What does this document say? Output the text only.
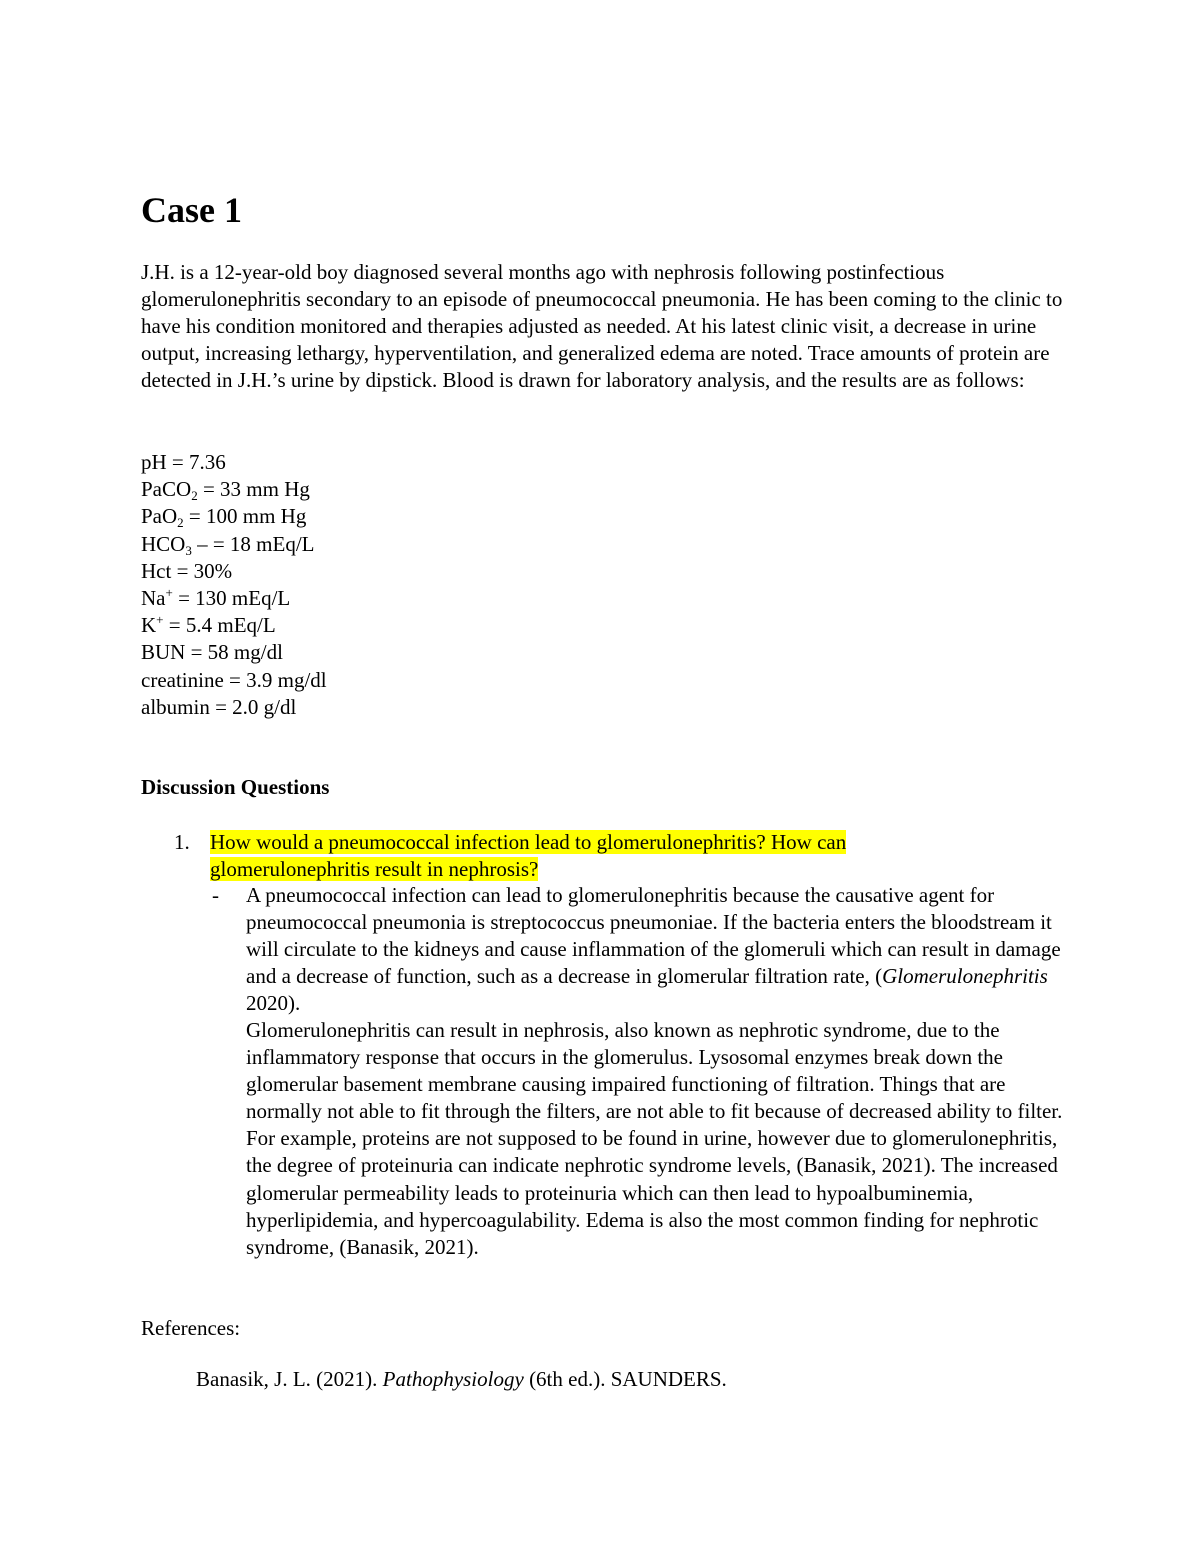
Case 1

J.H. is a 12-year-old boy diagnosed several months ago with nephrosis following postinfectious glomerulonephritis secondary to an episode of pneumococcal pneumonia. He has been coming to the clinic to have his condition monitored and therapies adjusted as needed. At his latest clinic visit, a decrease in urine output, increasing lethargy, hyperventilation, and generalized edema are noted. Trace amounts of protein are detected in J.H.’s urine by dipstick. Blood is drawn for laboratory analysis, and the results are as follows:

pH = 7.36
PaCO2 = 33 mm Hg
PaO2 = 100 mm Hg
HCO3 – = 18 mEq/L
Hct = 30%
Na+ = 130 mEq/L
K+ = 5.4 mEq/L
BUN = 58 mg/dl
creatinine = 3.9 mg/dl
albumin = 2.0 g/dl
Discussion Questions
1. How would a pneumococcal infection lead to glomerulonephritis? How can glomerulonephritis result in nephrosis?

- A pneumococcal infection can lead to glomerulonephritis because the causative agent for pneumococcal pneumonia is streptococcus pneumoniae. If the bacteria enters the bloodstream it will circulate to the kidneys and cause inflammation of the glomeruli which can result in damage and a decrease of function, such as a decrease in glomerular filtration rate, (Glomerulonephritis 2020).
Glomerulonephritis can result in nephrosis, also known as nephrotic syndrome, due to the inflammatory response that occurs in the glomerulus. Lysosomal enzymes break down the glomerular basement membrane causing impaired functioning of filtration. Things that are normally not able to fit through the filters, are not able to fit because of decreased ability to filter. For example, proteins are not supposed to be found in urine, however due to glomerulonephritis, the degree of proteinuria can indicate nephrotic syndrome levels, (Banasik, 2021). The increased glomerular permeability leads to proteinuria which can then lead to hypoalbuminemia, hyperlipidemia, and hypercoagulability. Edema is also the most common finding for nephrotic syndrome, (Banasik, 2021).

References:

Banasik, J. L. (2021). Pathophysiology (6th ed.). SAUNDERS.
